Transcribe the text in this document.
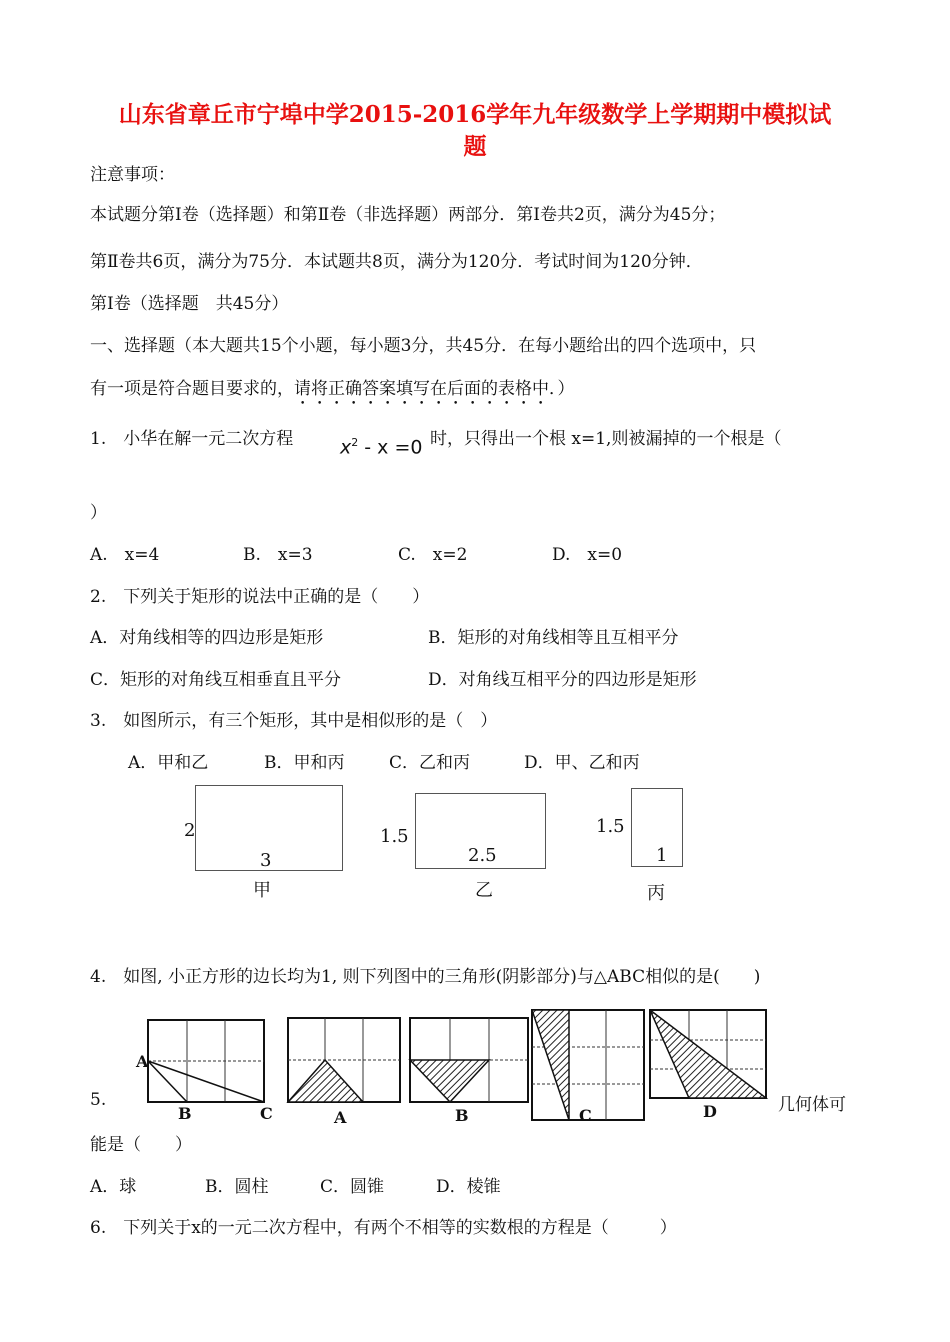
山东省章丘市宁埠中学2015-2016学年九年级数学上学期期中模拟试
题
注意事项：
本试题分第Ⅰ卷（选择题）和第Ⅱ卷（非选择题）两部分．第Ⅰ卷共2页，满分为45分；
第Ⅱ卷共6页，满分为75分．本试题共8页，满分为120分．考试时间为120分钟．
第Ⅰ卷（选择题　共45分）
一、选择题（本大题共15个小题，每小题3分，共45分．在每小题给出的四个选项中，只
有一项是符合题目要求的，请将正确答案填写在后面的表格中．）
1.　小华在解一元二次方程 $x^2 - x =0$ 时，只得出一个根 x=1,则被漏掉的一个根是（
）
A.　x=4	B.　x=3	C.　x=2	D.　x=0
2.　下列关于矩形的说法中正确的是（　　）
A．对角线相等的四边形是矩形	B．矩形的对角线相等且互相平分
C．矩形的对角线互相垂直且平分	D．对角线互相平分的四边形是矩形
3.　如图所示，有三个矩形，其中是相似形的是（　）
A．甲和乙	B．甲和丙	C．乙和丙	D．甲、乙和丙
2
3
甲
1.5
2.5
乙
1.5
1
丙
4.　如图, 小正方形的边长均为1, 则下列图中的三角形(阴影部分)与△ABC相似的是(　　)
5.	几何体可
A
B	C	A	B	C	D
能是（　　）
A．球	B．圆柱	C．圆锥	D．棱锥
6.　下列关于x的一元二次方程中，有两个不相等的实数根的方程是（　　　）
